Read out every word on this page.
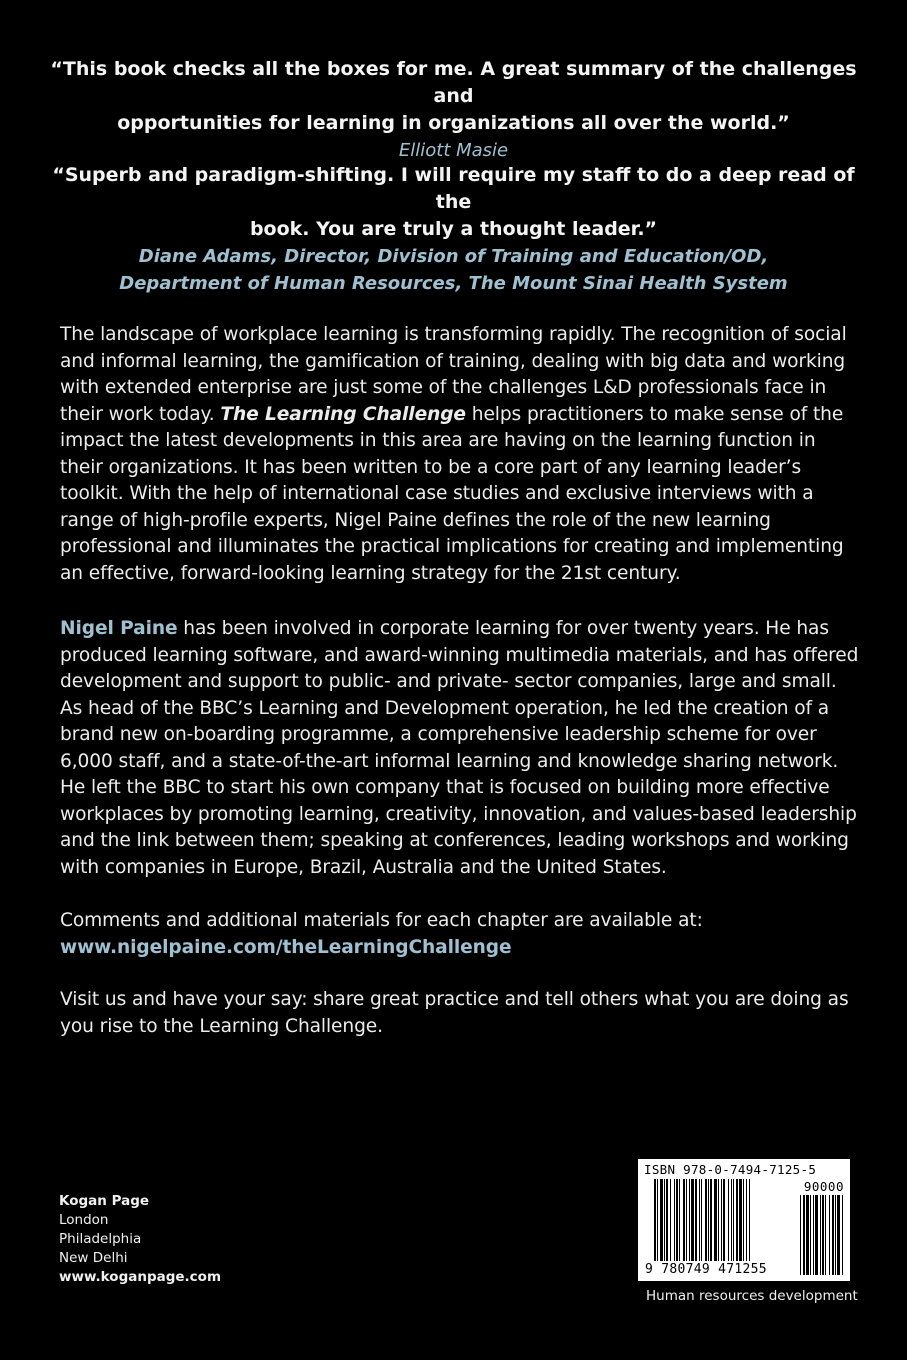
“This book checks all the boxes for me. A great summary of the challenges and
opportunities for learning in organizations all over the world.”
Elliott Masie
“Superb and paradigm-shifting. I will require my staff to do a deep read of the
book. You are truly a thought leader.”
Diane Adams, Director, Division of Training and Education/OD,
Department of Human Resources, The Mount Sinai Health System

The landscape of workplace learning is transforming rapidly. The recognition of social and informal learning, the gamification of training, dealing with big data and working with extended enterprise are just some of the challenges L&D professionals face in their work today. The Learning Challenge helps practitioners to make sense of the impact the latest developments in this area are having on the learning function in their organizations. It has been written to be a core part of any learning leader’s toolkit. With the help of international case studies and exclusive interviews with a range of high-profile experts, Nigel Paine defines the role of the new learning professional and illuminates the practical implications for creating and implementing an effective, forward-looking learning strategy for the 21st century.

Nigel Paine has been involved in corporate learning for over twenty years. He has produced learning software, and award-winning multimedia materials, and has offered development and support to public- and private- sector companies, large and small. As head of the BBC’s Learning and Development operation, he led the creation of a brand new on-boarding programme, a comprehensive leadership scheme for over 6,000 staff, and a state-of-the-art informal learning and knowledge sharing network. He left the BBC to start his own company that is focused on building more effective workplaces by promoting learning, creativity, innovation, and values-based leadership and the link between them; speaking at conferences, leading workshops and working with companies in Europe, Brazil, Australia and the United States.

Comments and additional materials for each chapter are available at:
www.nigelpaine.com/theLearningChallenge

Visit us and have your say: share great practice and tell others what you are doing as you rise to the Learning Challenge.

Kogan Page
London
Philadelphia
New Delhi
www.koganpage.com
ISBN 978-0-7494-7125-5
90000
9 780749 471255
Human resources development
